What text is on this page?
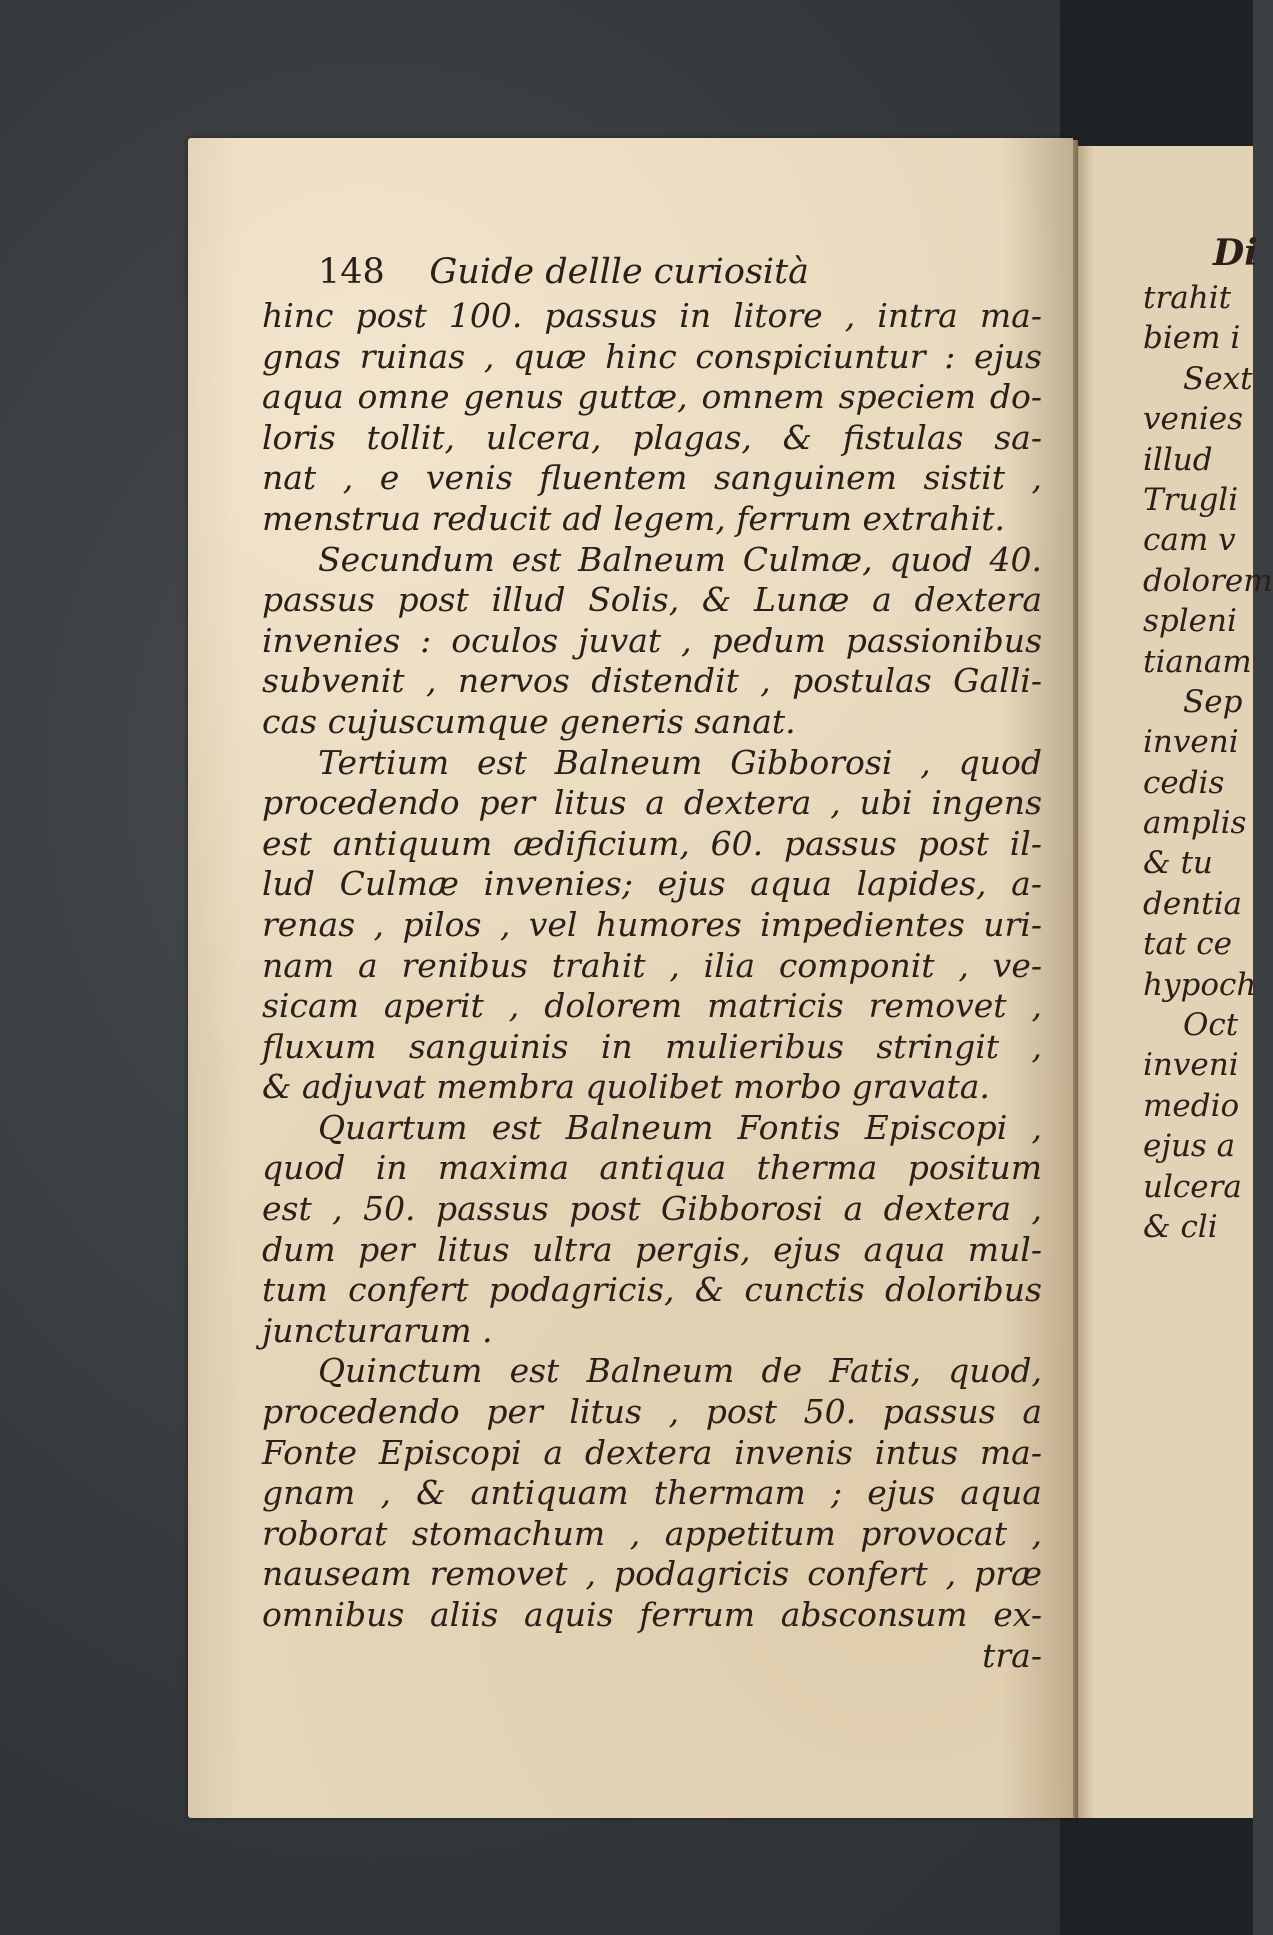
148 Guide dellle curiosità
hinc post 100. passus in litore , intra ma-
gnas ruinas , quæ hinc conspiciuntur : ejus
aqua omne genus guttæ, omnem speciem do-
loris tollit, ulcera, plagas, & fistulas sa-
nat , e venis fluentem sanguinem sistit ,
menstrua reducit ad legem, ferrum extrahit.
Secundum est Balneum Culmæ, quod 40.
passus post illud Solis, & Lunæ a dextera
invenies : oculos juvat , pedum passionibus
subvenit , nervos distendit , postulas Galli-
cas cujuscumque generis sanat.
Tertium est Balneum Gibborosi , quod
procedendo per litus a dextera , ubi ingens
est antiquum ædificium, 60. passus post il-
lud Culmæ invenies; ejus aqua lapides, a-
renas , pilos , vel humores impedientes uri-
nam a renibus trahit , ilia componit , ve-
sicam aperit , dolorem matricis removet ,
fluxum sanguinis in mulieribus stringit ,
& adjuvat membra quolibet morbo gravata.
Quartum est Balneum Fontis Episcopi ,
quod in maxima antiqua therma positum
est , 50. passus post Gibborosi a dextera ,
dum per litus ultra pergis, ejus aqua mul-
tum confert podagricis, & cunctis doloribus
juncturarum .
Quinctum est Balneum de Fatis, quod,
procedendo per litus , post 50. passus a
Fonte Episcopi a dextera invenis intus ma-
gnam , & antiquam thermam ; ejus aqua
roborat stomachum , appetitum provocat ,
nauseam removet , podagricis confert , præ
omnibus aliis aquis ferrum absconsum ex-
tra-
Di
trahit
biem i
Sext
venies
illud
Trugli
cam v
dolorem
spleni
tianam
Sep
inveni
cedis
amplis
& tu
dentia
tat ce
hypoch
Oct
inveni
medio
ejus a
ulcera
& cli
